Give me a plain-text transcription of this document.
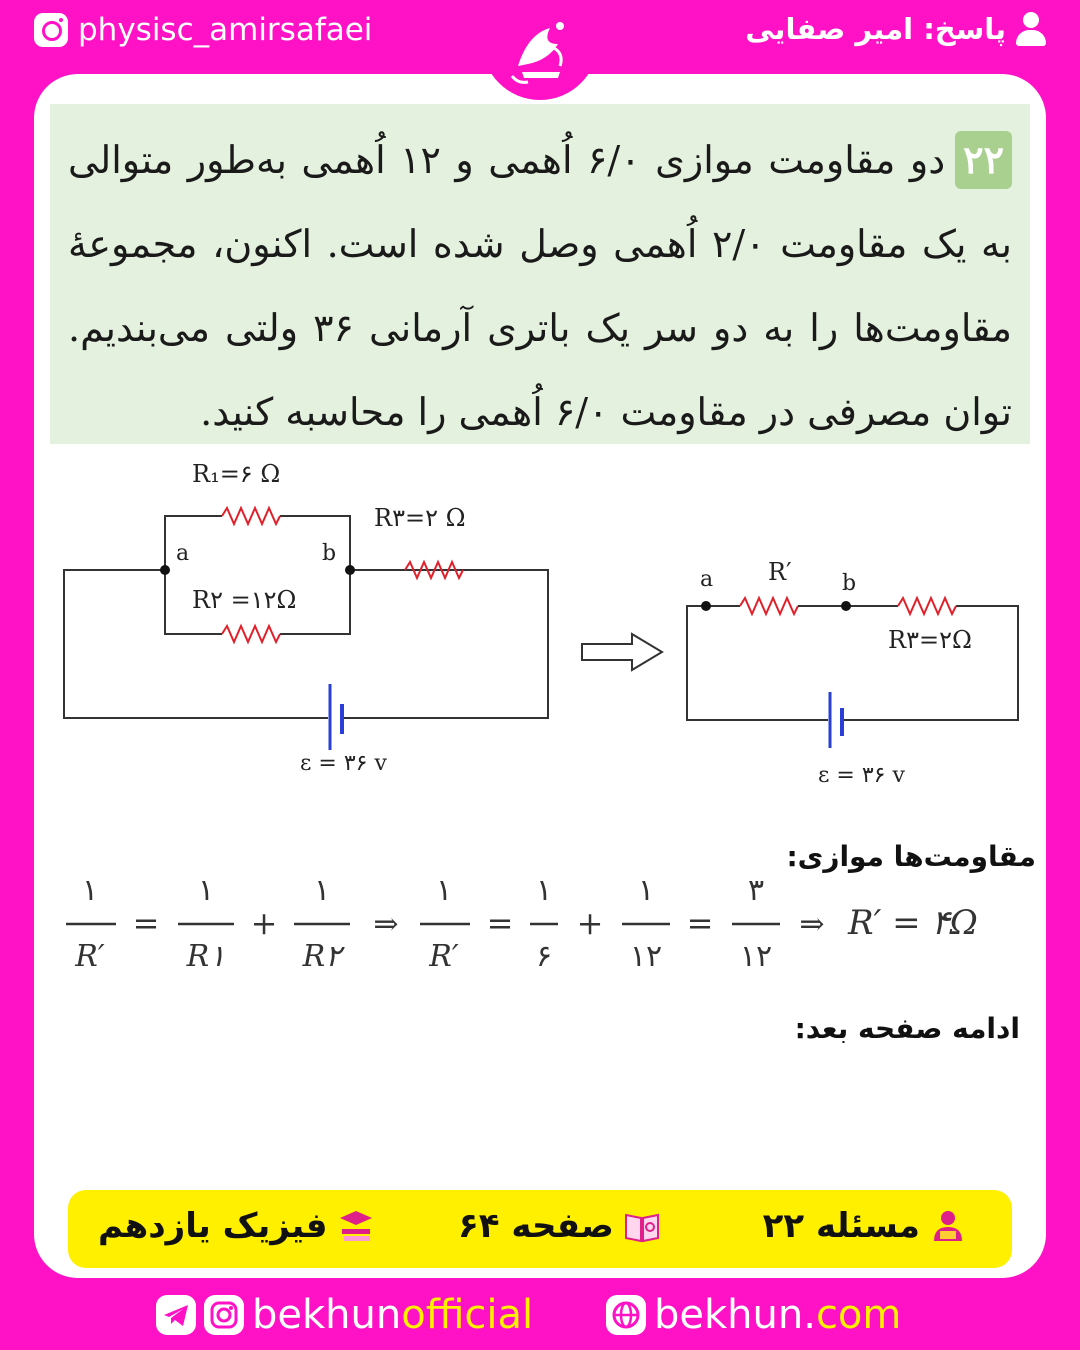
physisc_amirsafaei	پاسخ: امیر صفایی

۲۲دو مقاومت موازی ۶/۰ اُهمی و ۱۲ اُهمی به‌طور متوالی به یک مقاومت ۲/۰ اُهمی وصل شده است. اکنون، مجموعهٔ مقاومت‌ها را به دو سر یک باتری آرمانی ۳۶ ولتی می‌بندیم. توان مصرفی در مقاومت ۶/۰ اُهمی را محاسبه کنید.

R₁=۶ Ω
R۲ =۱۲Ω
R۳=۲ Ω
a	b
ε = ۳۶ v
a	b
R′
R۳=۲Ω
ε = ۳۶ v
مقاومت‌ها موازی:
۱
R′
=
۱
R۱
+
۱
R۲
⇒
۱
R′
=
۱
۶
+
۱
۱۲
=
۳
۱۲
⇒ R′ = ۴Ω
ادامه صفحه بعد:
مسئله ۲۲
صفحه ۶۴
فیزیک یازدهم
bekhunofficial	bekhun.com
